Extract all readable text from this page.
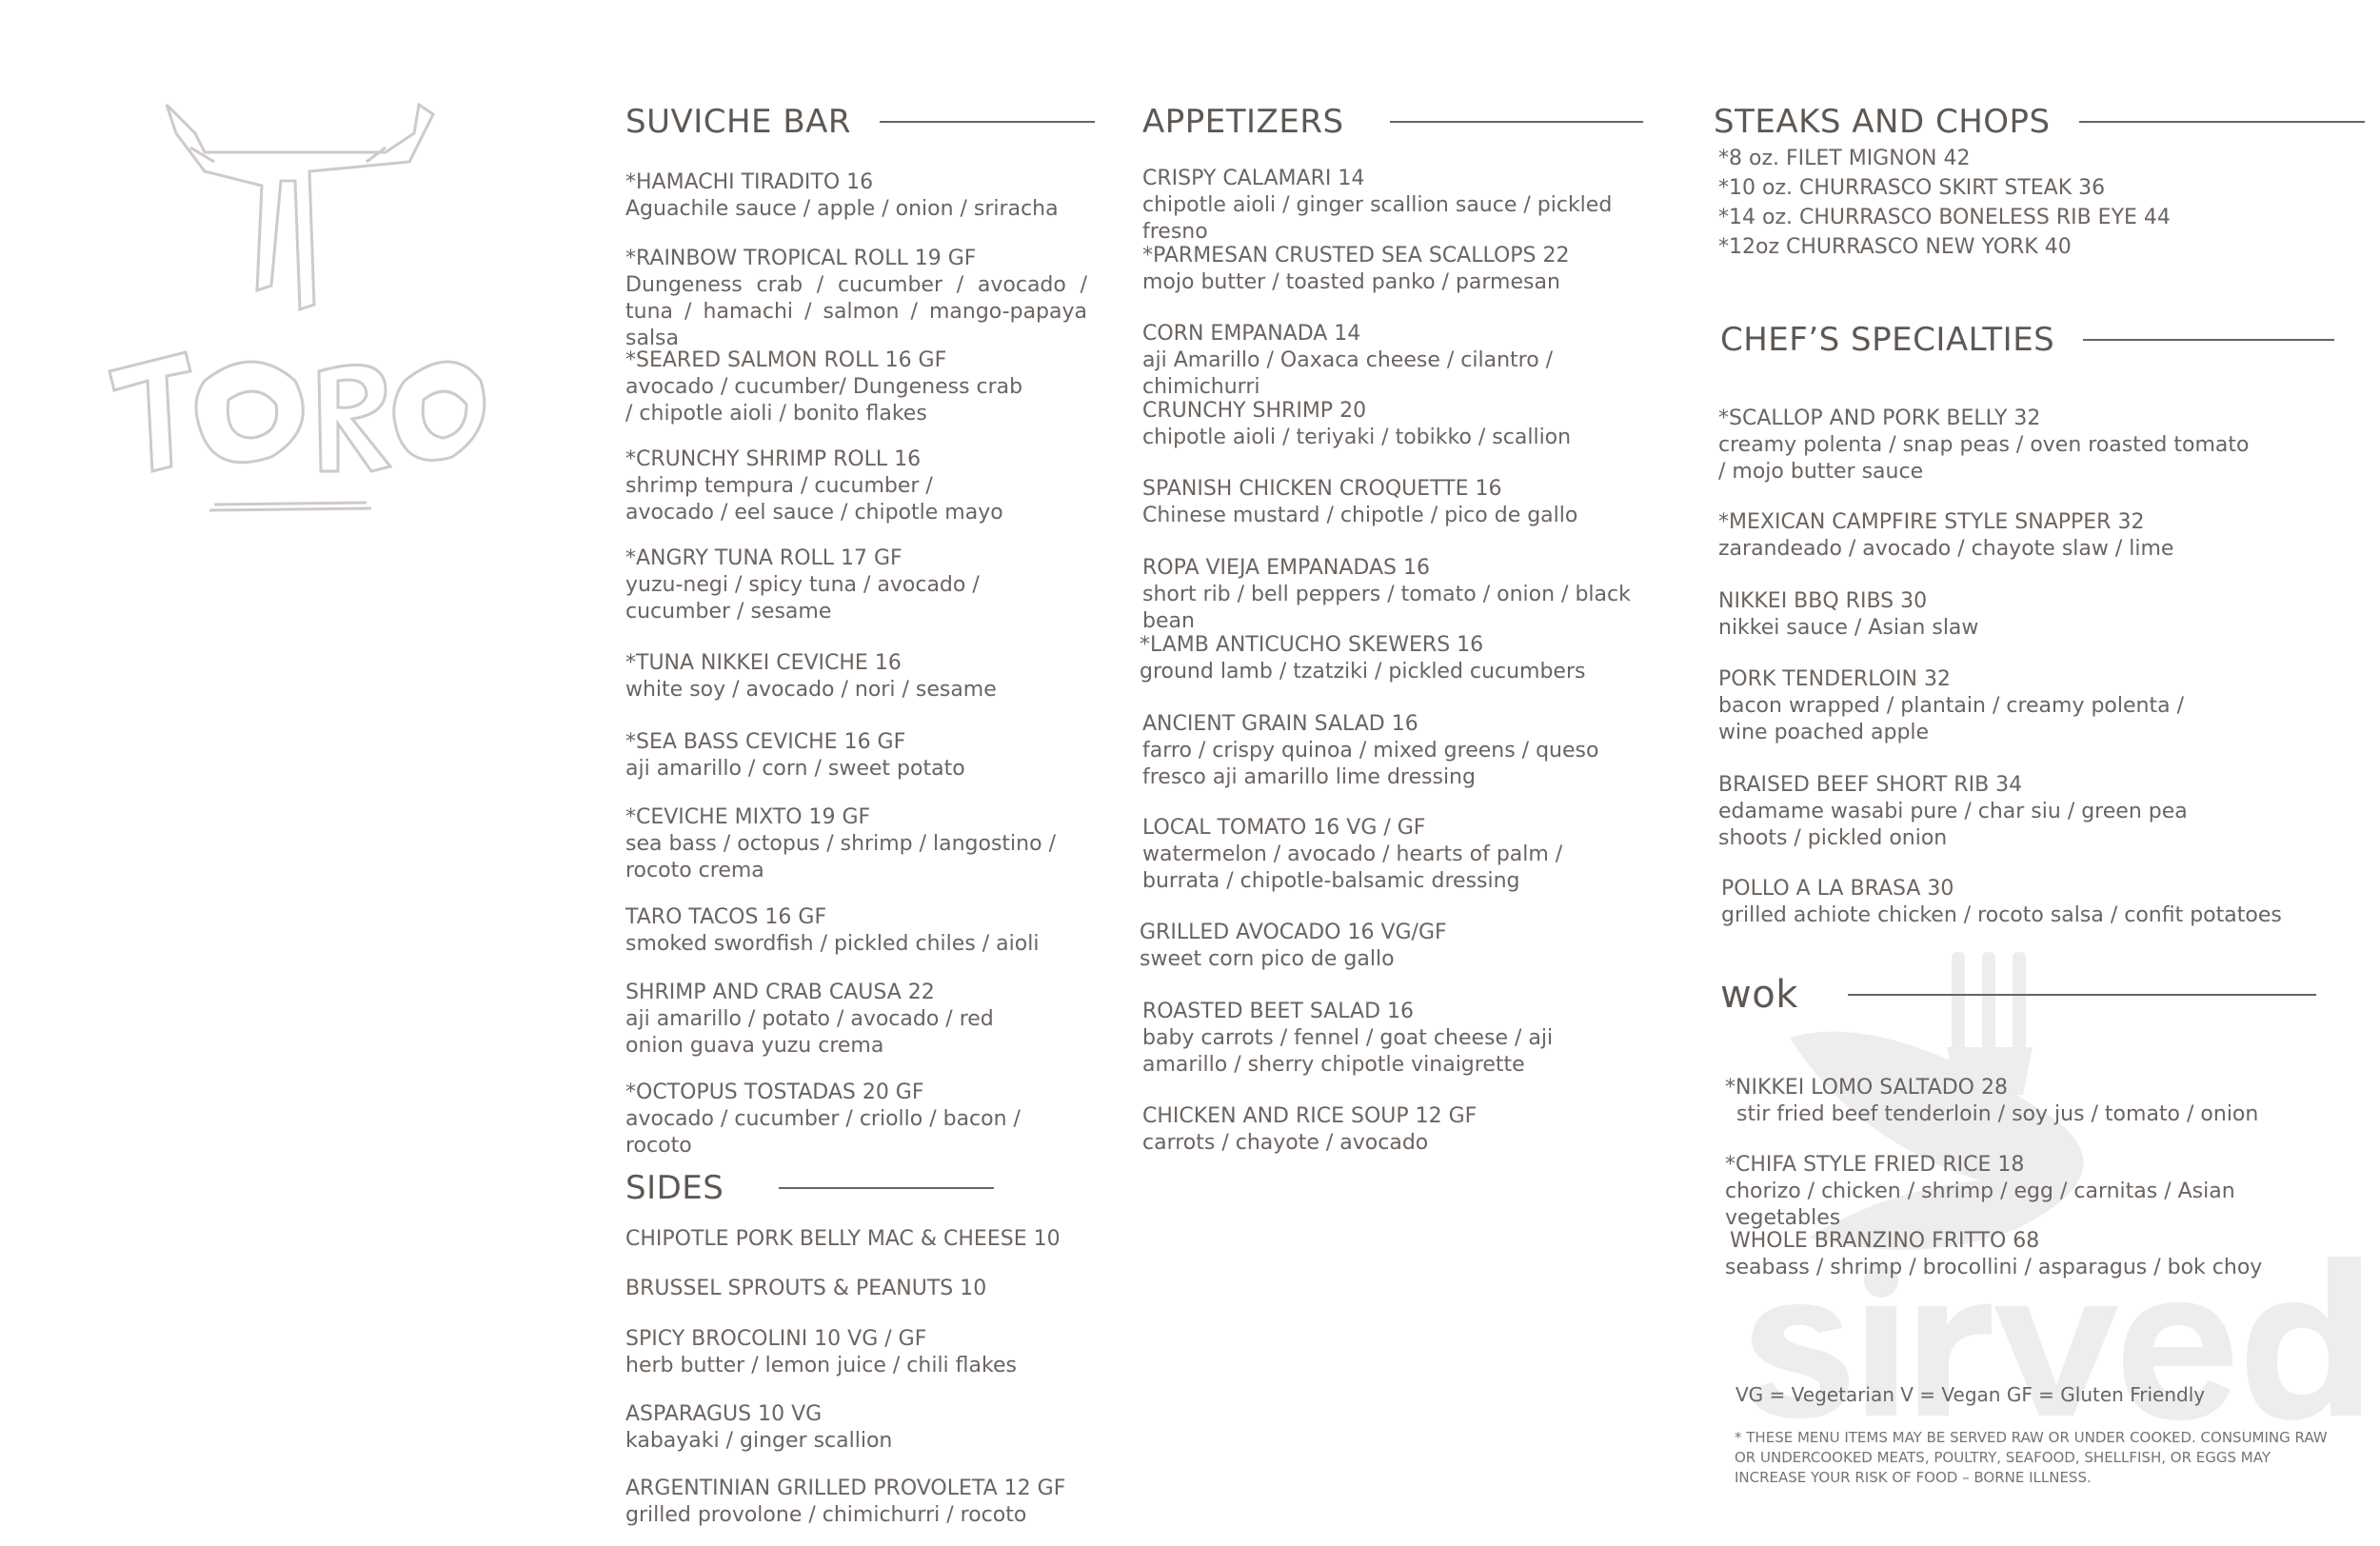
SUVICHE BAR
*HAMACHI TIRADITO 16
Aguachile sauce / apple / onion / sriracha
*RAINBOW TROPICAL ROLL 19 GF
Dungeness crab / cucumber / avocado / tuna / hamachi / salmon / mango-papaya salsa
*SEARED SALMON ROLL 16 GF
avocado / cucumber/ Dungeness crab / chipotle aioli / bonito flakes
*CRUNCHY SHRIMP ROLL 16
shrimp tempura / cucumber / avocado / eel sauce / chipotle mayo
*ANGRY TUNA ROLL 17 GF
yuzu-negi / spicy tuna / avocado / cucumber / sesame
*TUNA NIKKEI CEVICHE 16
white soy / avocado / nori / sesame
*SEA BASS CEVICHE 16 GF
aji amarillo / corn / sweet potato
*CEVICHE MIXTO 19 GF
sea bass / octopus / shrimp / langostino / rocoto crema
TARO TACOS 16 GF
smoked swordfish / pickled chiles / aioli
SHRIMP AND CRAB CAUSA 22
aji amarillo / potato / avocado / red onion guava yuzu crema
*OCTOPUS TOSTADAS 20 GF
avocado / cucumber / criollo / bacon / rocoto
SIDES
CHIPOTLE PORK BELLY MAC & CHEESE 10
BRUSSEL SPROUTS & PEANUTS 10
SPICY BROCOLINI 10 VG / GF
herb butter / lemon juice / chili flakes
ASPARAGUS 10 VG
kabayaki / ginger scallion
ARGENTINIAN GRILLED PROVOLETA 12 GF
grilled provolone / chimichurri / rocoto
APPETIZERS
CRISPY CALAMARI 14
chipotle aioli / ginger scallion sauce / pickled fresno
*PARMESAN CRUSTED SEA SCALLOPS 22
mojo butter / toasted panko / parmesan
CORN EMPANADA 14
aji Amarillo / Oaxaca cheese / cilantro / chimichurri
CRUNCHY SHRIMP 20
chipotle aioli / teriyaki / tobikko / scallion
SPANISH CHICKEN CROQUETTE 16
Chinese mustard / chipotle / pico de gallo
ROPA VIEJA EMPANADAS 16
short rib / bell peppers / tomato / onion / black bean
*LAMB ANTICUCHO SKEWERS 16
ground lamb / tzatziki / pickled cucumbers
ANCIENT GRAIN SALAD 16
farro / crispy quinoa / mixed greens / queso fresco aji amarillo lime dressing
LOCAL TOMATO 16 VG / GF
watermelon / avocado / hearts of palm / burrata / chipotle-balsamic dressing
GRILLED AVOCADO 16 VG/GF
sweet corn pico de gallo
ROASTED BEET SALAD 16
baby carrots / fennel / goat cheese / aji amarillo / sherry chipotle vinaigrette
CHICKEN AND RICE SOUP 12 GF
carrots / chayote / avocado
STEAKS AND CHOPS
*8 oz. FILET MIGNON 42
*10 oz. CHURRASCO SKIRT STEAK 36
*14 oz. CHURRASCO BONELESS RIB EYE 44
*12oz CHURRASCO NEW YORK 40
CHEF’S SPECIALTIES
*SCALLOP AND PORK BELLY 32
creamy polenta / snap peas / oven roasted tomato / mojo butter sauce
*MEXICAN CAMPFIRE STYLE SNAPPER 32
zarandeado / avocado / chayote slaw / lime
NIKKEI BBQ RIBS 30
nikkei sauce / Asian slaw
PORK TENDERLOIN 32
bacon wrapped / plantain / creamy polenta / wine poached apple
BRAISED BEEF SHORT RIB 34
edamame wasabi pure / char siu / green pea shoots / pickled onion
POLLO A LA BRASA 30
grilled achiote chicken / rocoto salsa / confit potatoes
wok
*NIKKEI LOMO SALTADO 28
stir fried beef tenderloin / soy jus / tomato / onion
*CHIFA STYLE FRIED RICE 18
chorizo / chicken / shrimp / egg / carnitas / Asian vegetables
WHOLE BRANZINO FRITTO 68
seabass / shrimp / brocollini / asparagus / bok choy
VG = Vegetarian V = Vegan GF = Gluten Friendly
* THESE MENU ITEMS MAY BE SERVED RAW OR UNDER COOKED. CONSUMING RAW OR UNDERCOOKED MEATS, POULTRY, SEAFOOD, SHELLFISH, OR EGGS MAY INCREASE YOUR RISK OF FOOD – BORNE ILLNESS.
